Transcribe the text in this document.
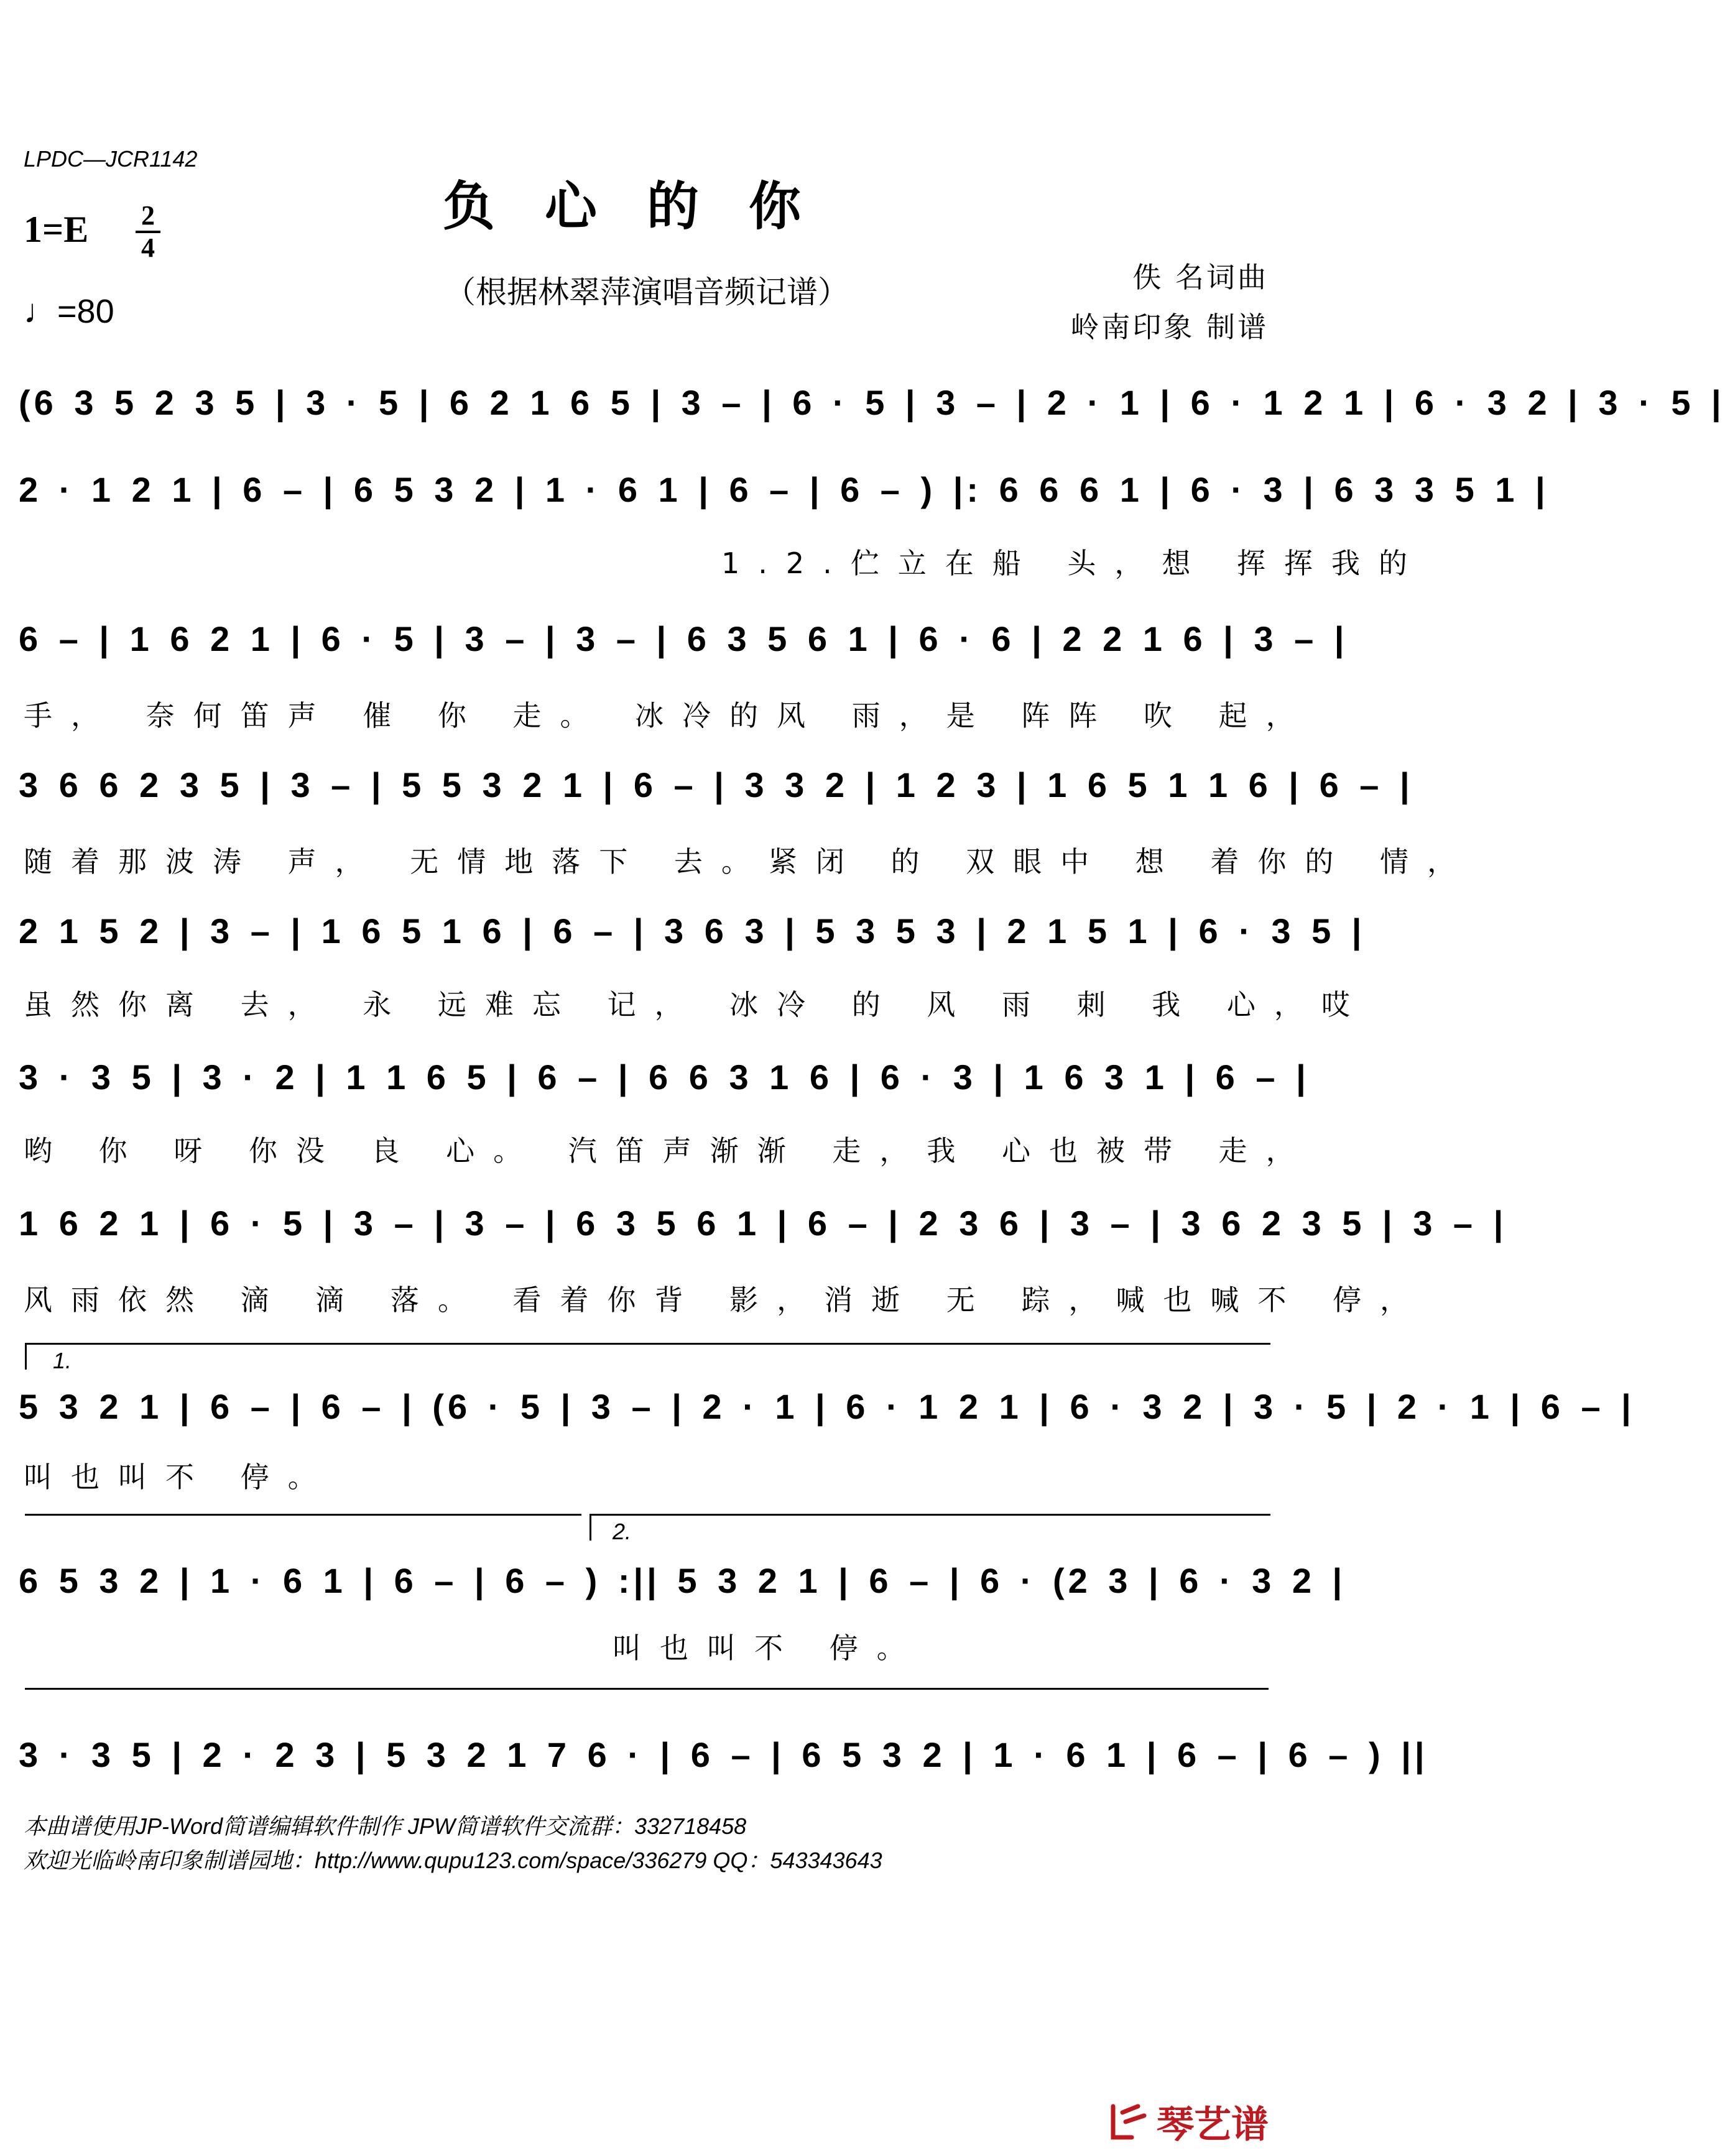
LPDC—JCR1142
负心的你
1=E 2
4
（根据林翠萍演唱音频记谱）	佚 名词曲
岭南印象 制谱
♩=80
(6 3 5 2 3 5 | 3 · 5 | 6 2 1 6 5 | 3 – | 6 · 5 | 3 – | 2 · 1 | 6 · 1 2 1 | 6 · 3 2 | 3 · 5 |
2 · 1 2 1 | 6 – | 6 5 3 2 | 1 · 6 1 | 6 – | 6 – ) |: 6 6 6 1 | 6 · 3 | 6 3 3 5 1 |
1.2.伫立在船 头，想 挥挥我的
6 – | 1 6 2 1 | 6 · 5 | 3 – | 3 – | 6 3 5 6 1 | 6 · 6 | 2 2 1 6 | 3 – |
手， 奈何笛声 催 你 走。 冰冷的风 雨，是 阵阵 吹 起，
3 6 6 2 3 5 | 3 – | 5 5 3 2 1 | 6 – | 3 3 2 | 1 2 3 | 1 6 5 1 1 6 | 6 – |
随着那波涛 声， 无情地落下 去。紧闭 的 双眼中 想 着你的 情，
2 1 5 2 | 3 – | 1 6 5 1 6 | 6 – | 3 6 3 | 5 3 5 3 | 2 1 5 1 | 6 · 3 5 |
虽然你离 去， 永 远难忘 记， 冰冷 的 风 雨 刺 我 心，哎
3 · 3 5 | 3 · 2 | 1 1 6 5 | 6 – | 6 6 3 1 6 | 6 · 3 | 1 6 3 1 | 6 – |
哟 你 呀 你没 良 心。 汽笛声渐渐 走，我 心也被带 走，
1 6 2 1 | 6 · 5 | 3 – | 3 – | 6 3 5 6 1 | 6 – | 2 3 6 | 3 – | 3 6 2 3 5 | 3 – |
风雨依然 滴 滴 落。 看着你背 影，消逝 无 踪，喊也喊不 停，
1.
5 3 2 1 | 6 – | 6 – | (6 · 5 | 3 – | 2 · 1 | 6 · 1 2 1 | 6 · 3 2 | 3 · 5 | 2 · 1 | 6 – |
叫也叫不 停。
2.
6 5 3 2 | 1 · 6 1 | 6 – | 6 – ) :|| 5 3 2 1 | 6 – | 6 · (2 3 | 6 · 3 2 |
叫也叫不 停。
3 · 3 5 | 2 · 2 3 | 5 3 2 1 7 6 · | 6 – | 6 5 3 2 | 1 · 6 1 | 6 – | 6 – ) ||
本曲谱使用JP-Word简谱编辑软件制作 JPW简谱软件交流群：332718458
欢迎光临岭南印象制谱园地：http://www.qupu123.com/space/336279 QQ：543343643
琴艺谱
